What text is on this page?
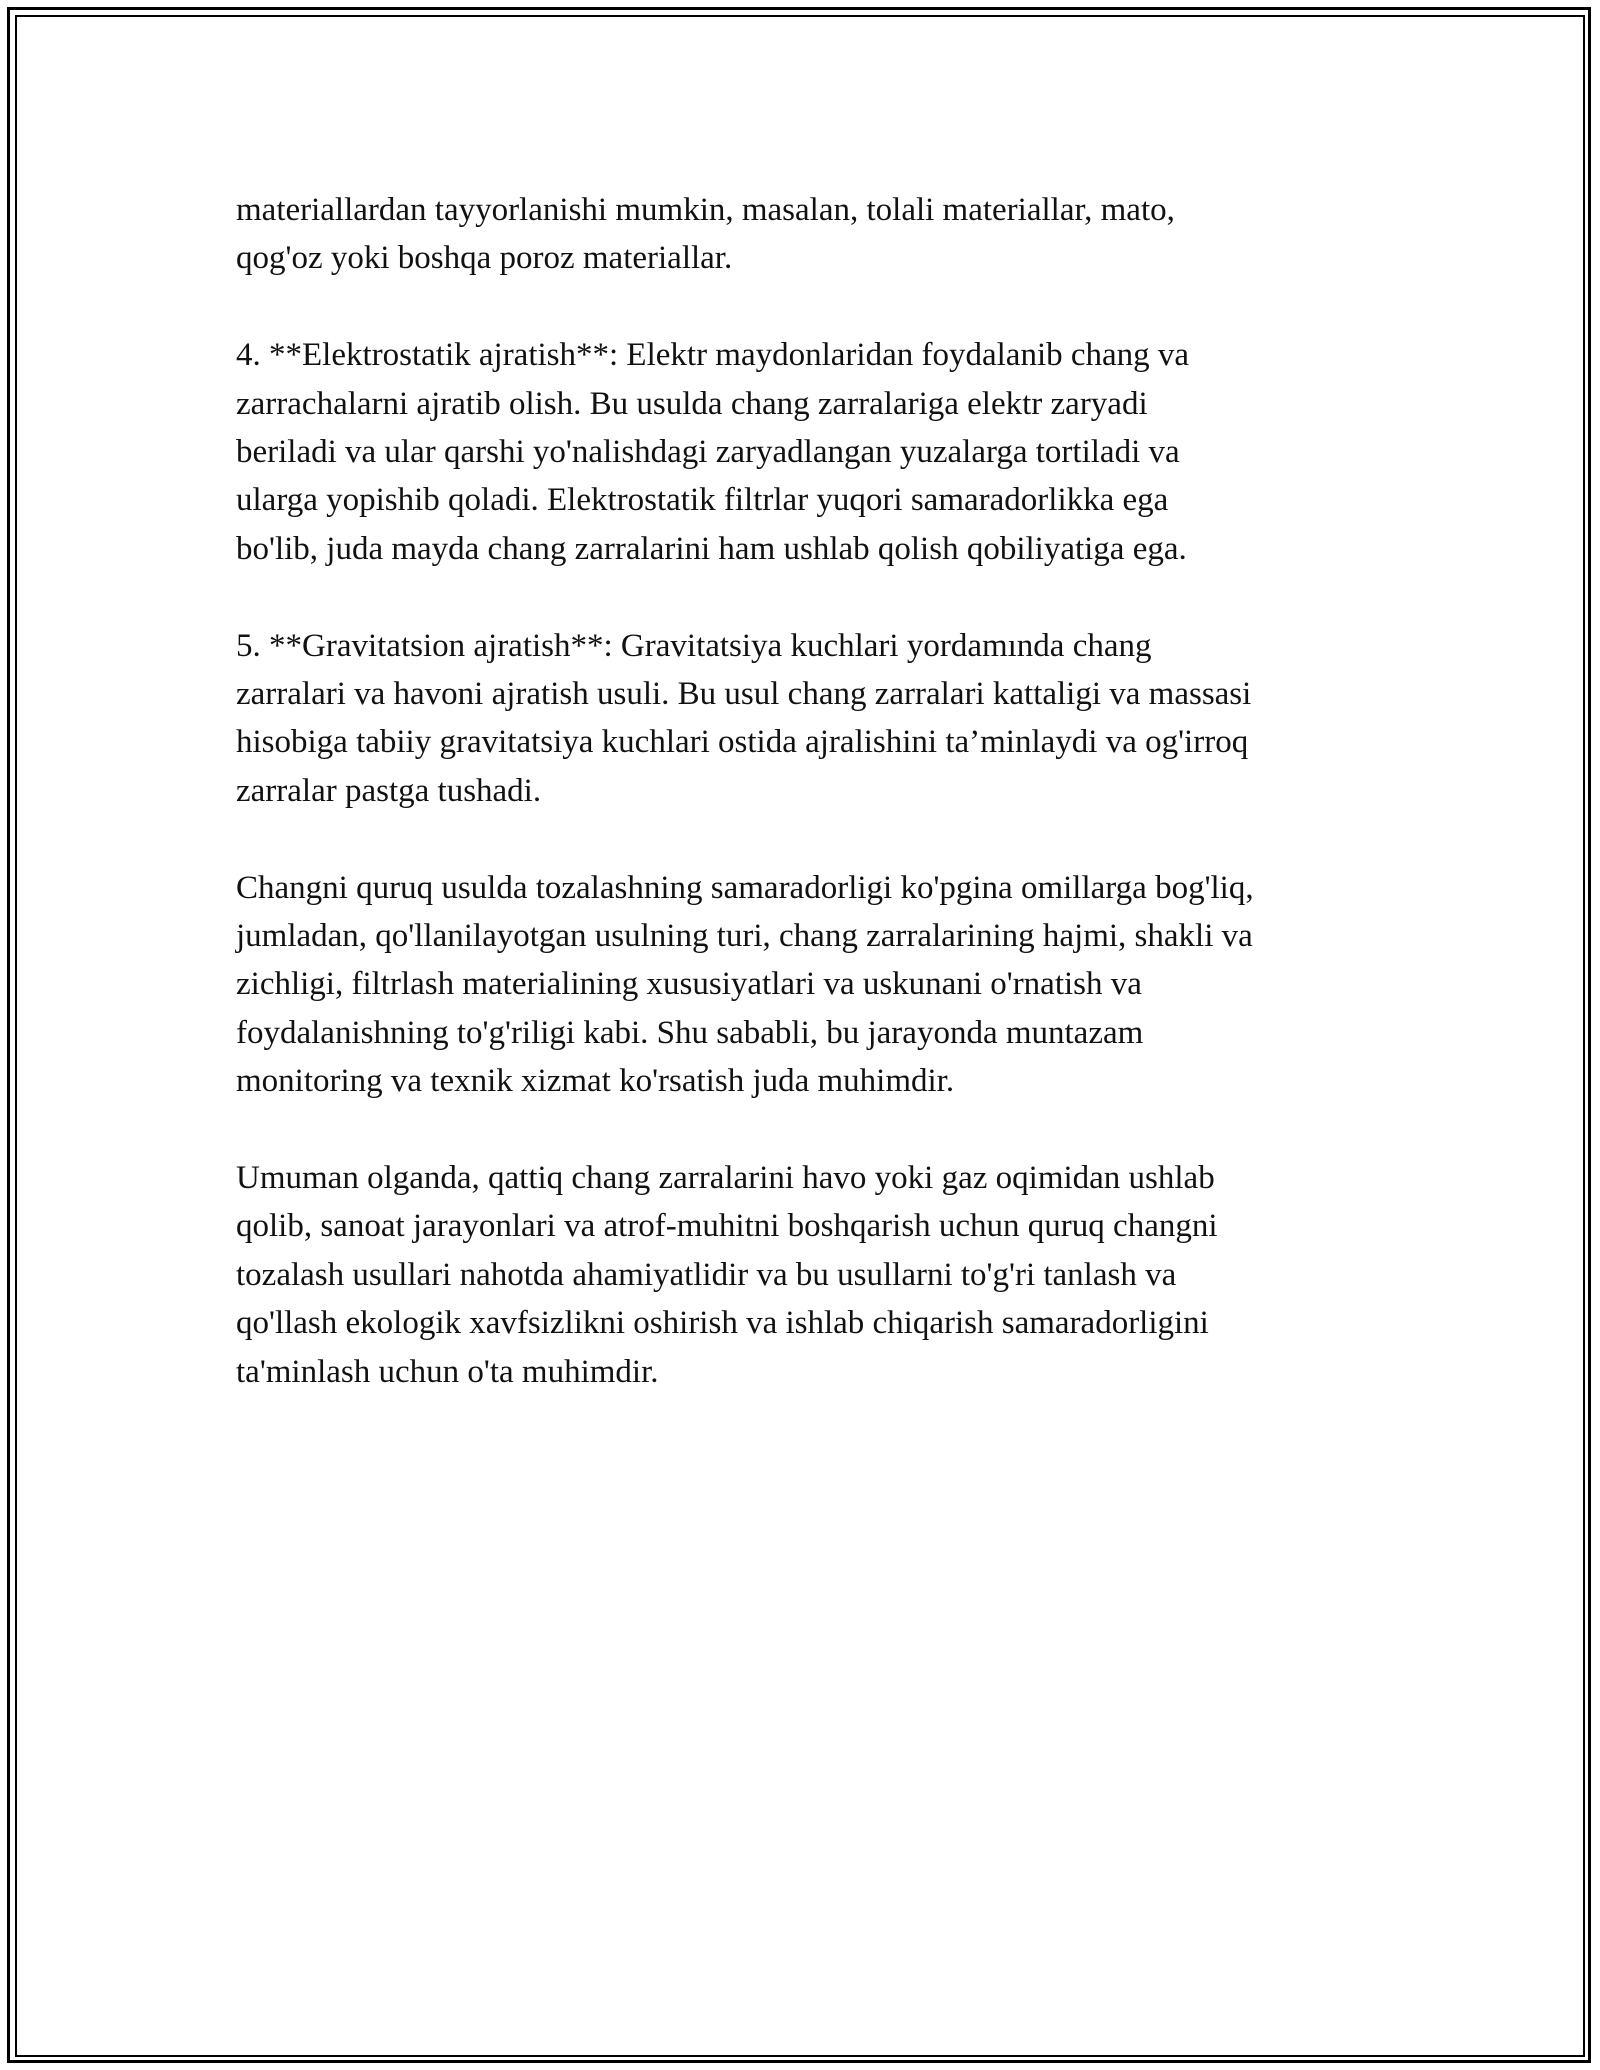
materiallardan tayyorlanishi mumkin, masalan, tolali materiallar, mato,
qog'oz yoki boshqa poroz materiallar.

4. **Elektrostatik ajratish**: Elektr maydonlaridan foydalanib chang va
zarrachalarni ajratib olish. Bu usulda chang zarralariga elektr zaryadi
beriladi va ular qarshi yo'nalishdagi zaryadlangan yuzalarga tortiladi va
ularga yopishib qoladi. Elektrostatik filtrlar yuqori samaradorlikka ega
bo'lib, juda mayda chang zarralarini ham ushlab qolish qobiliyatiga ega.

5. **Gravitatsion ajratish**: Gravitatsiya kuchlari yordamında chang
zarralari va havoni ajratish usuli. Bu usul chang zarralari kattaligi va massasi
hisobiga tabiiy gravitatsiya kuchlari ostida ajralishini ta’minlaydi va og'irroq
zarralar pastga tushadi.

Changni quruq usulda tozalashning samaradorligi ko'pgina omillarga bog'liq,
jumladan, qo'llanilayotgan usulning turi, chang zarralarining hajmi, shakli va
zichligi, filtrlash materialining xususiyatlari va uskunani o'rnatish va
foydalanishning to'g'riligi kabi. Shu sababli, bu jarayonda muntazam
monitoring va texnik xizmat ko'rsatish juda muhimdir.

Umuman olganda, qattiq chang zarralarini havo yoki gaz oqimidan ushlab
qolib, sanoat jarayonlari va atrof-muhitni boshqarish uchun quruq changni
tozalash usullari nahotda ahamiyatlidir va bu usullarni to'g'ri tanlash va
qo'llash ekologik xavfsizlikni oshirish va ishlab chiqarish samaradorligini
ta'minlash uchun o'ta muhimdir.
